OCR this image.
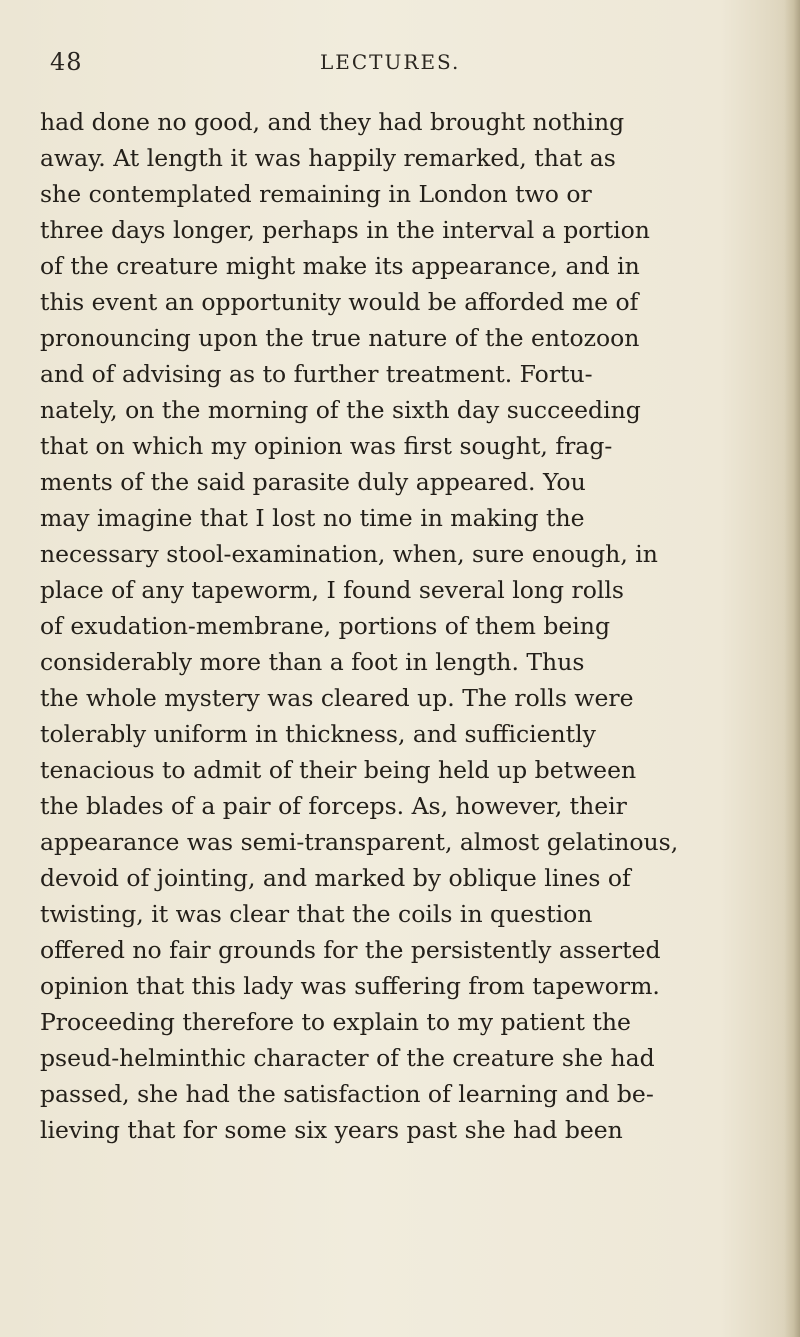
48	LECTURES.
had done no good, and they had brought nothing
away. At length it was happily remarked, that as
she contemplated remaining in London two or
three days longer, perhaps in the interval a portion
of the creature might make its appearance, and in
this event an opportunity would be afforded me of
pronouncing upon the true nature of the entozoon
and of advising as to further treatment. Fortu-
nately, on the morning of the sixth day succeeding
that on which my opinion was first sought, frag-
ments of the said parasite duly appeared. You
may imagine that I lost no time in making the
necessary stool-examination, when, sure enough, in
place of any tapeworm, I found several long rolls
of exudation-membrane, portions of them being
considerably more than a foot in length. Thus
the whole mystery was cleared up. The rolls were
tolerably uniform in thickness, and sufficiently
tenacious to admit of their being held up between
the blades of a pair of forceps. As, however, their
appearance was semi-transparent, almost gelatinous,
devoid of jointing, and marked by oblique lines of
twisting, it was clear that the coils in question
offered no fair grounds for the persistently asserted
opinion that this lady was suffering from tapeworm.
Proceeding therefore to explain to my patient the
pseud-helminthic character of the creature she had
passed, she had the satisfaction of learning and be-
lieving that for some six years past she had been
